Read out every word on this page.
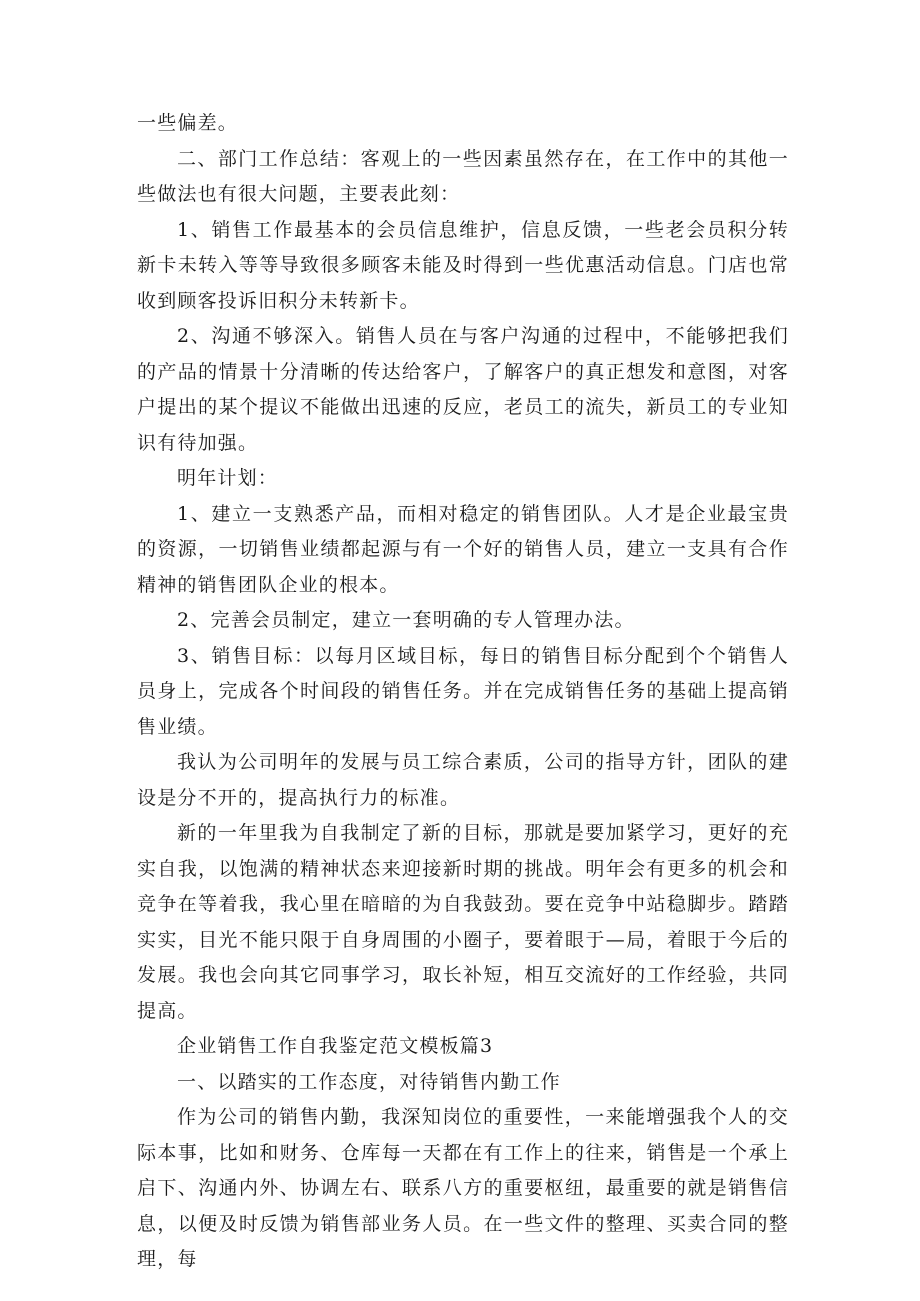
一些偏差。

二、部门工作总结：客观上的一些因素虽然存在，在工作中的其他一些做法也有很大问题，主要表此刻：

1、销售工作最基本的会员信息维护，信息反馈，一些老会员积分转新卡未转入等等导致很多顾客未能及时得到一些优惠活动信息。门店也常收到顾客投诉旧积分未转新卡。

2、沟通不够深入。销售人员在与客户沟通的过程中，不能够把我们的产品的情景十分清晰的传达给客户，了解客户的真正想发和意图，对客户提出的某个提议不能做出迅速的反应，老员工的流失，新员工的专业知识有待加强。

明年计划：

1、建立一支熟悉产品，而相对稳定的销售团队。人才是企业最宝贵的资源，一切销售业绩都起源与有一个好的销售人员，建立一支具有合作精神的销售团队企业的根本。

2、完善会员制定，建立一套明确的专人管理办法。

3、销售目标：以每月区域目标，每日的销售目标分配到个个销售人员身上，完成各个时间段的销售任务。并在完成销售任务的基础上提高销售业绩。

我认为公司明年的发展与员工综合素质，公司的指导方针，团队的建设是分不开的，提高执行力的标准。

新的一年里我为自我制定了新的目标，那就是要加紧学习，更好的充实自我，以饱满的精神状态来迎接新时期的挑战。明年会有更多的机会和竞争在等着我，我心里在暗暗的为自我鼓劲。要在竞争中站稳脚步。踏踏实实，目光不能只限于自身周围的小圈子，要着眼于—局，着眼于今后的发展。我也会向其它同事学习，取长补短，相互交流好的工作经验，共同提高。

企业销售工作自我鉴定范文模板篇3

一、以踏实的工作态度，对待销售内勤工作

作为公司的销售内勤，我深知岗位的重要性，一来能增强我个人的交际本事，比如和财务、仓库每一天都在有工作上的往来，销售是一个承上启下、沟通内外、协调左右、联系八方的重要枢纽，最重要的就是销售信息，以便及时反馈为销售部业务人员。在一些文件的整理、买卖合同的整理，每
